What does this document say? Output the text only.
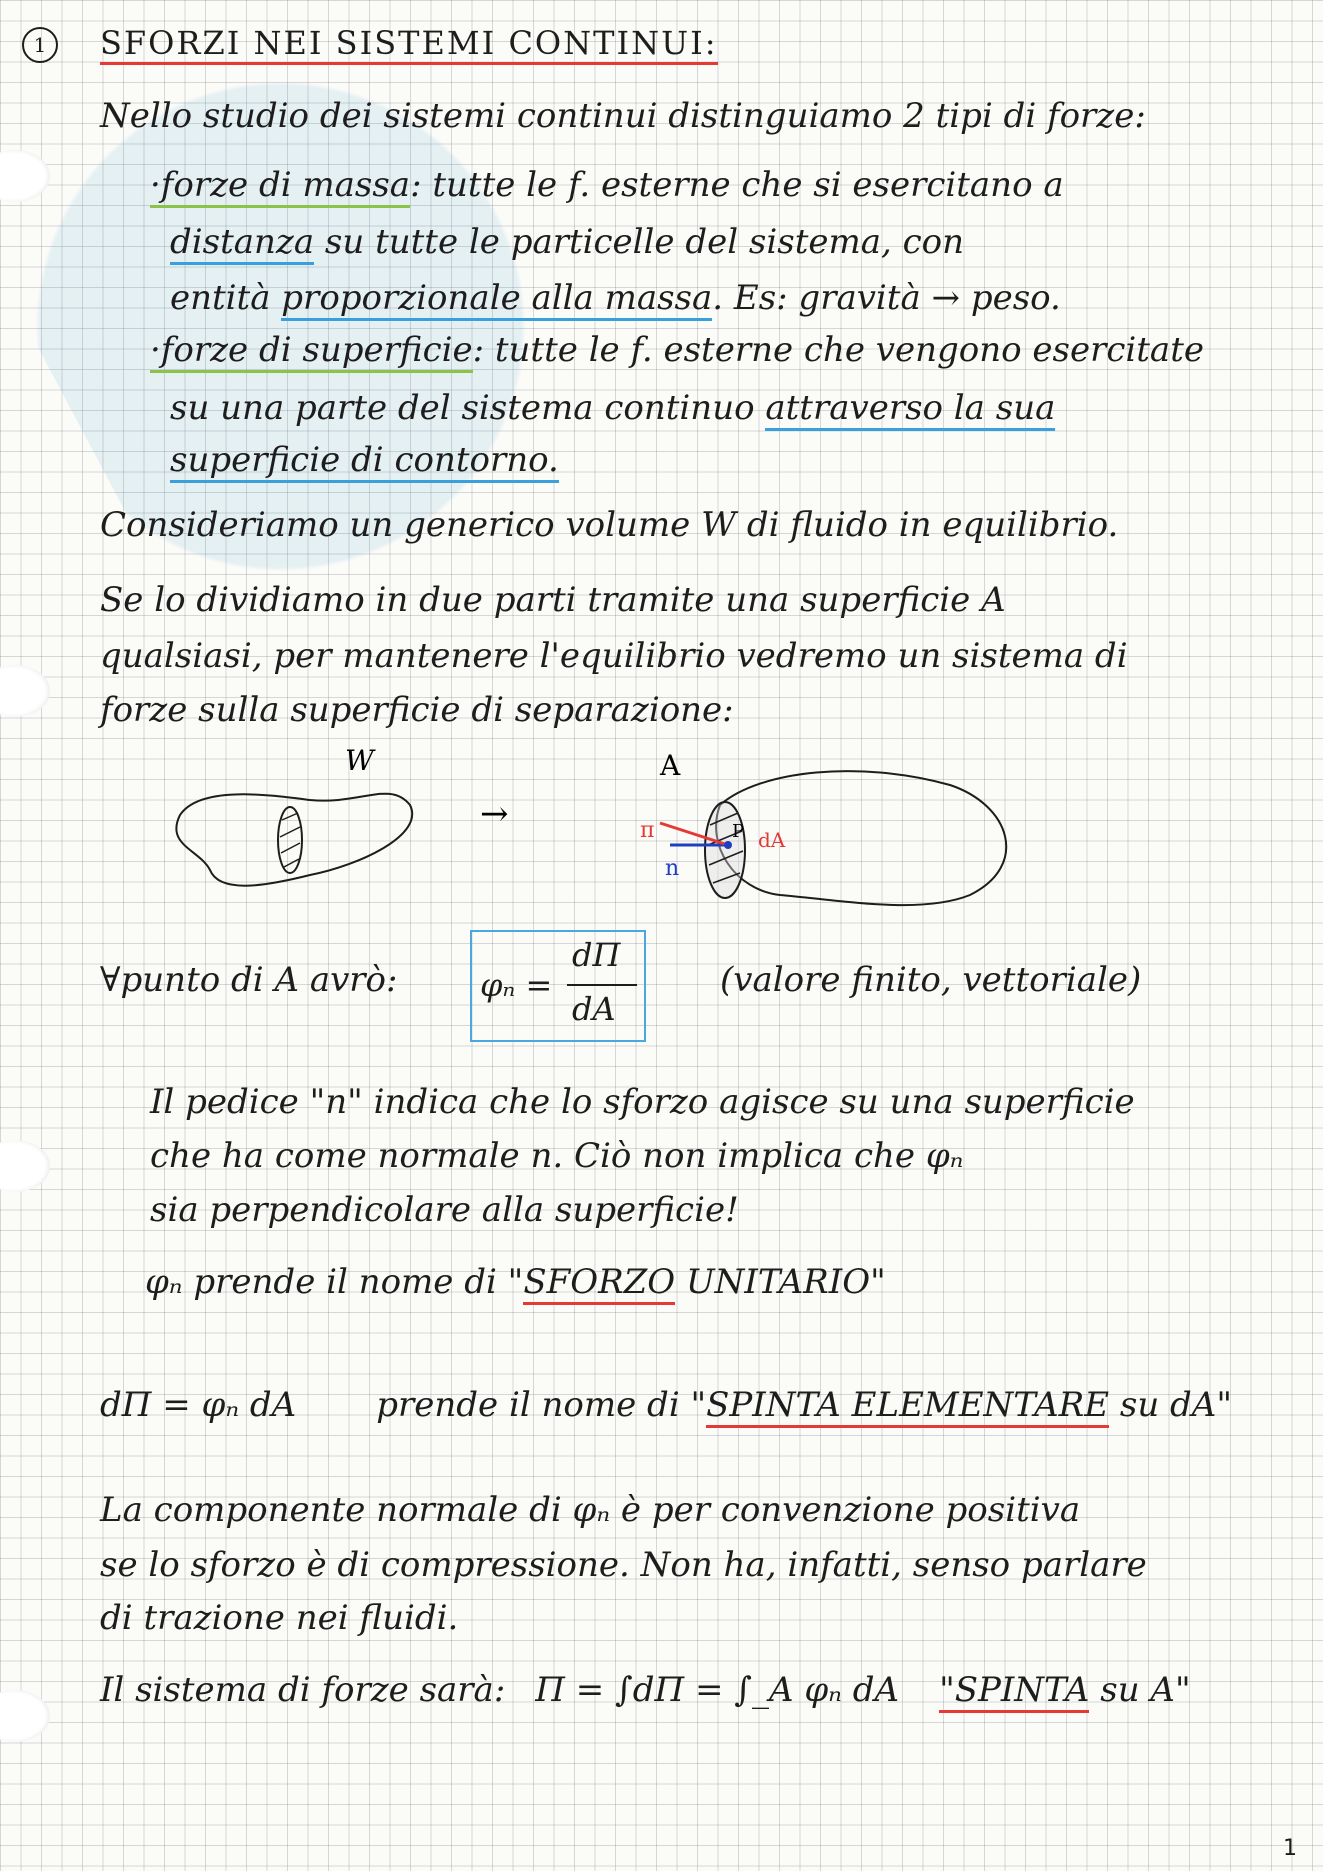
1	SFORZI NEI SISTEMI CONTINUI:
Nello studio dei sistemi continui distinguiamo 2 tipi di forze:
·forze di massa: tutte le f. esterne che si esercitano a
distanza su tutte le particelle del sistema, con
entità proporzionale alla massa. Es: gravità → peso.
·forze di superficie: tutte le f. esterne che vengono esercitate
su una parte del sistema continuo attraverso la sua
superficie di contorno.
Consideriamo un generico volume W di fluido in equilibrio.
Se lo dividiamo in due parti tramite una superficie A
qualsiasi, per mantenere l'equilibrio vedremo un sistema di
forze sulla superficie di separazione:
W
→
A
P dA
π
n
∀punto di A avrò:	φₙ =
dΠ
dA
(valore finito, vettoriale)
Il pedice "n" indica che lo sforzo agisce su una superficie
che ha come normale n. Ciò non implica che φₙ
sia perpendicolare alla superficie!
φₙ prende il nome di "SFORZO UNITARIO"
dΠ = φₙ dA prende il nome di "SPINTA ELEMENTARE su dA"
La componente normale di φₙ è per convenzione positiva
se lo sforzo è di compressione. Non ha, infatti, senso parlare
di trazione nei fluidi.
Il sistema di forze sarà: Π = ∫dΠ = ∫_A φₙ dA "SPINTA su A"
1
